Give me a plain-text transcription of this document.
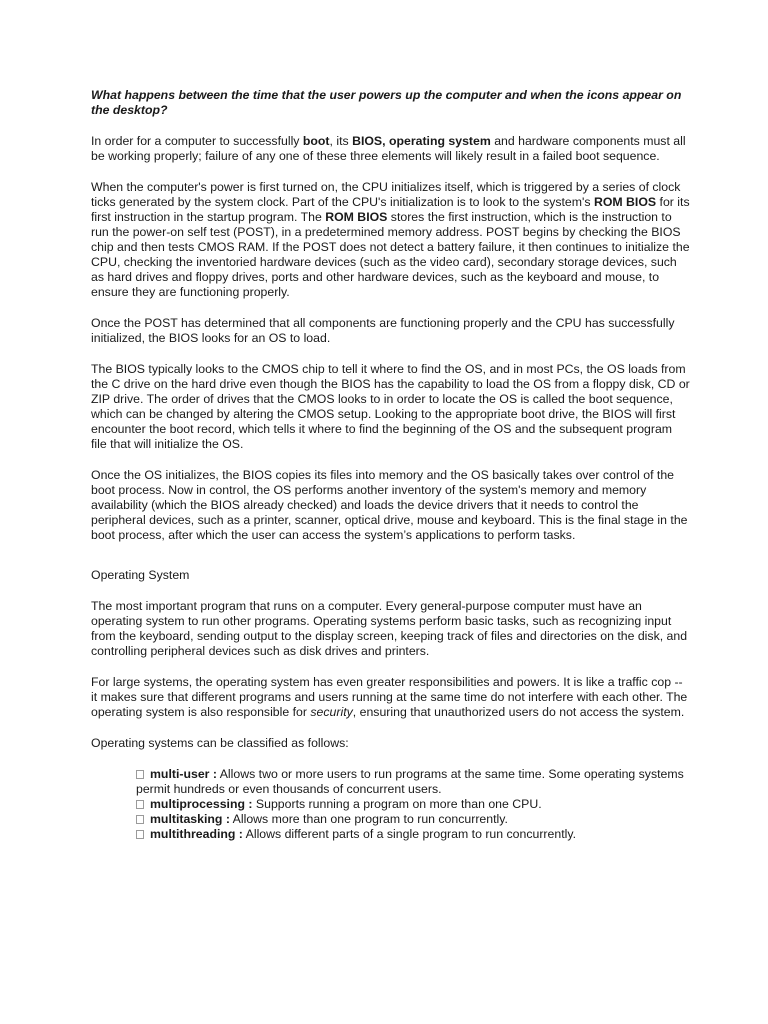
What happens between the time that the user powers up the computer and when the icons appear on the desktop?

In order for a computer to successfully boot, its BIOS, operating system and hardware components must all be working properly; failure of any one of these three elements will likely result in a failed boot sequence.

When the computer's power is first turned on, the CPU initializes itself, which is triggered by a series of clock ticks generated by the system clock. Part of the CPU's initialization is to look to the system's ROM BIOS for its first instruction in the startup program. The ROM BIOS stores the first instruction, which is the instruction to run the power-on self test (POST), in a predetermined memory address. POST begins by checking the BIOS chip and then tests CMOS RAM. If the POST does not detect a battery failure, it then continues to initialize the CPU, checking the inventoried hardware devices (such as the video card), secondary storage devices, such as hard drives and floppy drives, ports and other hardware devices, such as the keyboard and mouse, to ensure they are functioning properly.

Once the POST has determined that all components are functioning properly and the CPU has successfully initialized, the BIOS looks for an OS to load.

The BIOS typically looks to the CMOS chip to tell it where to find the OS, and in most PCs, the OS loads from the C drive on the hard drive even though the BIOS has the capability to load the OS from a floppy disk, CD or ZIP drive. The order of drives that the CMOS looks to in order to locate the OS is called the boot sequence, which can be changed by altering the CMOS setup. Looking to the appropriate boot drive, the BIOS will first encounter the boot record, which tells it where to find the beginning of the OS and the subsequent program file that will initialize the OS.

Once the OS initializes, the BIOS copies its files into memory and the OS basically takes over control of the boot process. Now in control, the OS performs another inventory of the system's memory and memory availability (which the BIOS already checked) and loads the device drivers that it needs to control the peripheral devices, such as a printer, scanner, optical drive, mouse and keyboard. This is the final stage in the boot process, after which the user can access the system’s applications to perform tasks.

Operating System

The most important program that runs on a computer. Every general-purpose computer must have an operating system to run other programs. Operating systems perform basic tasks, such as recognizing input from the keyboard, sending output to the display screen, keeping track of files and directories on the disk, and controlling peripheral devices such as disk drives and printers.

For large systems, the operating system has even greater responsibilities and powers. It is like a traffic cop -- it makes sure that different programs and users running at the same time do not interfere with each other. The operating system is also responsible for security, ensuring that unauthorized users do not access the system.

Operating systems can be classified as follows:

multi-user : Allows two or more users to run programs at the same time. Some operating systems permit hundreds or even thousands of concurrent users.
multiprocessing : Supports running a program on more than one CPU.
multitasking : Allows more than one program to run concurrently.
multithreading : Allows different parts of a single program to run concurrently.
